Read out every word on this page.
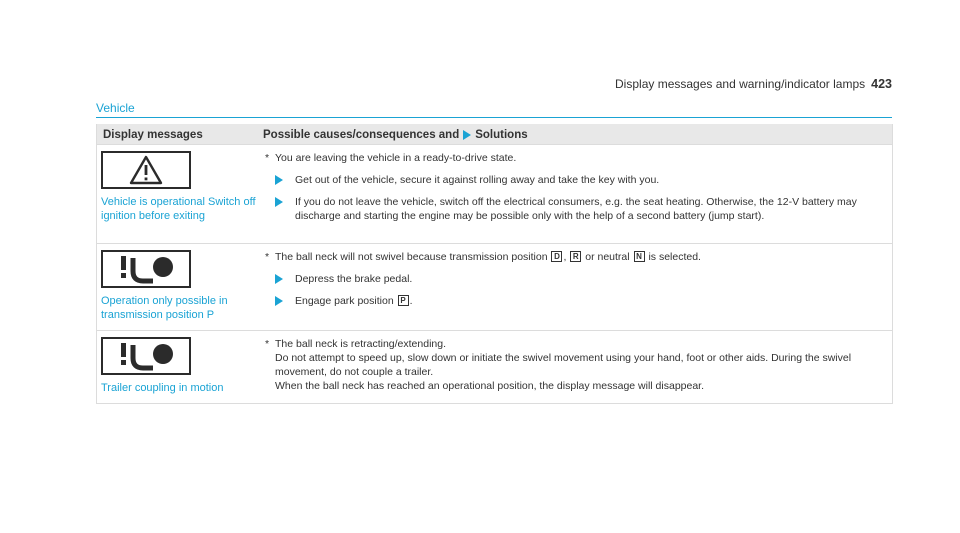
Display messages and warning/indicator lamps 423
Vehicle
Display messages	Possible causes/consequences and Solutions
Vehicle is operational Switch off ignition before exiting
* You are leaving the vehicle in a ready-to-drive state.
Get out of the vehicle, secure it against rolling away and take the key with you.
If you do not leave the vehicle, switch off the electrical consumers, e.g. the seat heating. Otherwise, the 12-V battery may discharge and starting the engine may be possible only with the help of a second battery (jump start).
Operation only possible in transmission position P
* The ball neck will not swivel because transmission position D , R or neutral N is selected.
Depress the brake pedal.
Engage park position P .
Trailer coupling in motion
* The ball neck is retracting/extending.
Do not attempt to speed up, slow down or initiate the swivel movement using your hand, foot or other aids. During the swivel movement, do not couple a trailer.
When the ball neck has reached an operational position, the display message will disappear.
